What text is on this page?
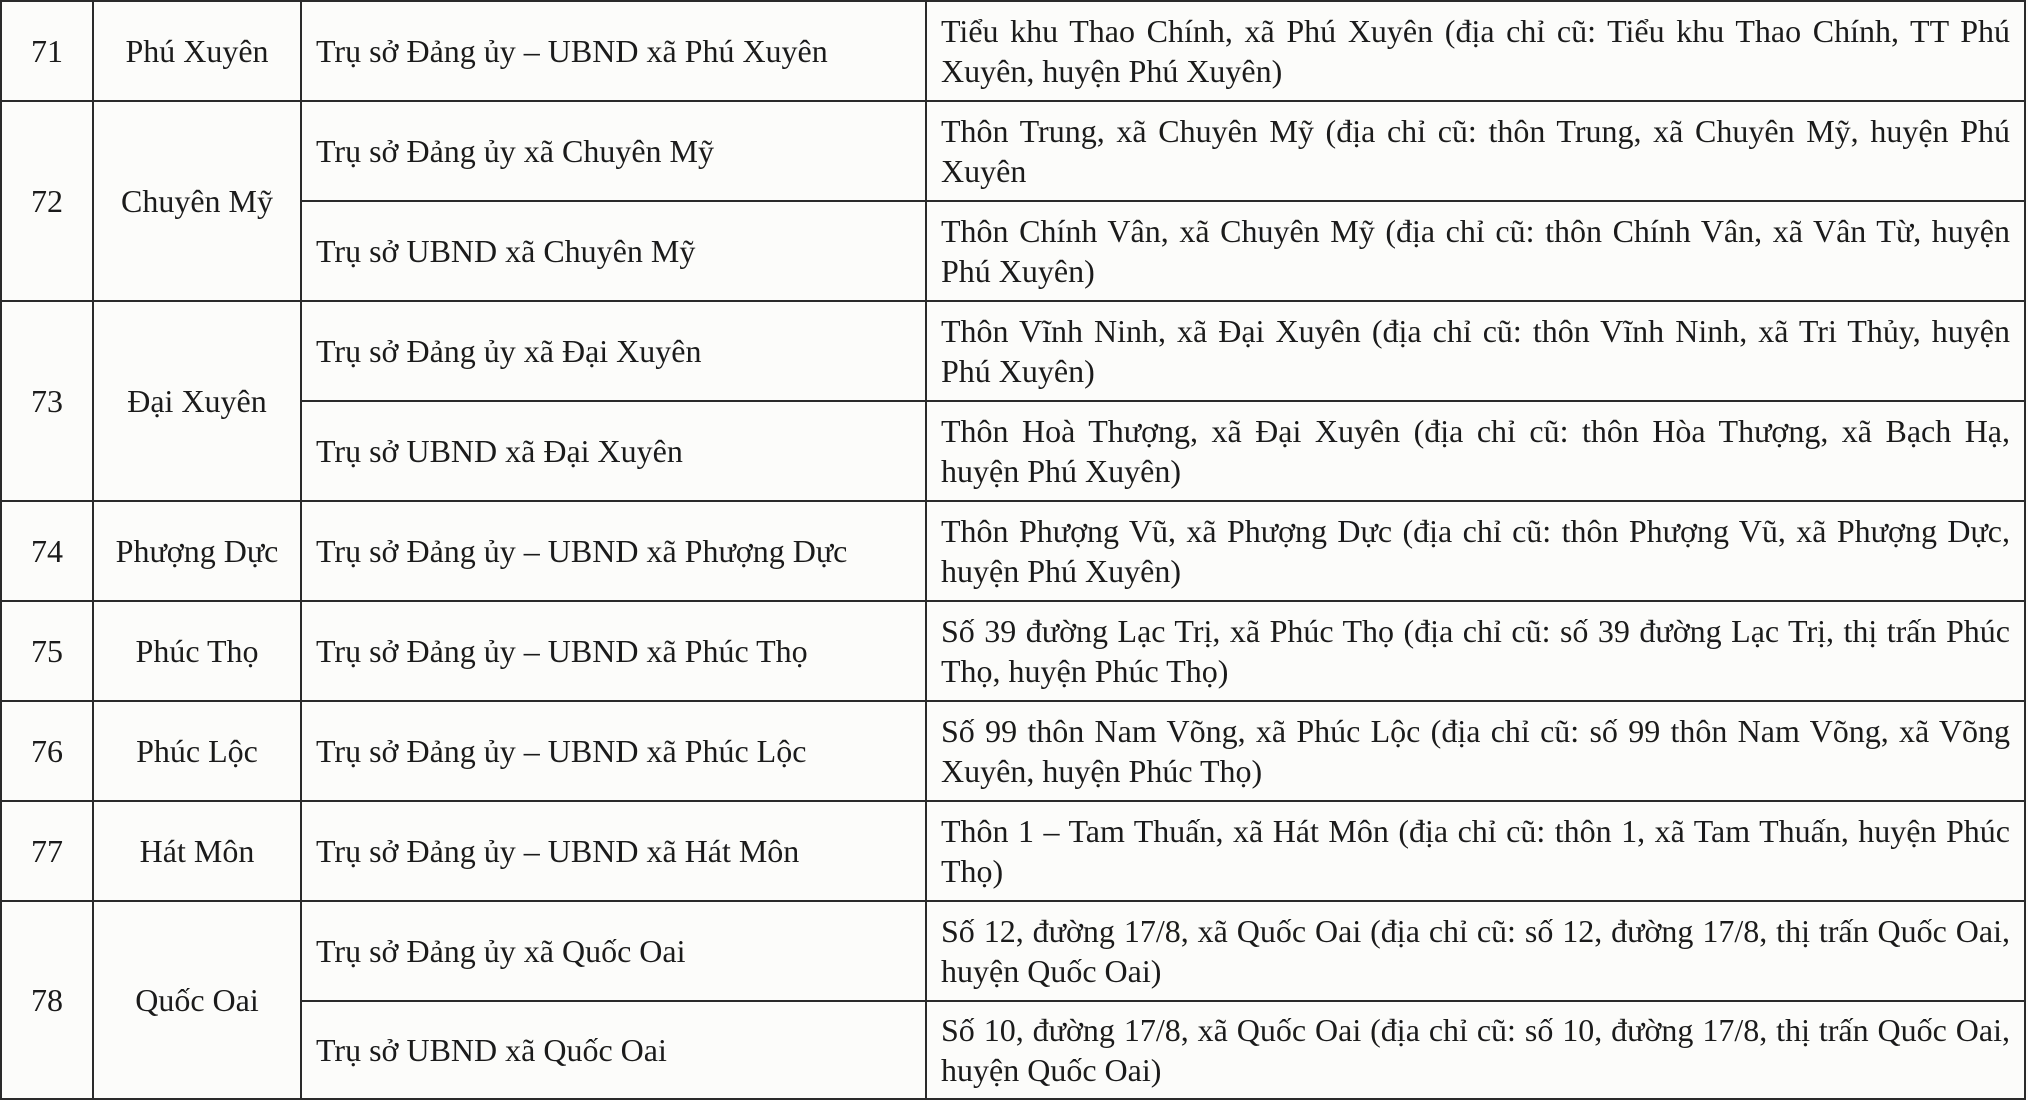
71	Phú Xuyên	Trụ sở Đảng ủy – UBND xã Phú Xuyên	Tiểu khu Thao Chính, xã Phú Xuyên (địa chỉ cũ: Tiểu khu Thao Chính, TT Phú Xuyên, huyện Phú Xuyên)
72	Chuyên Mỹ	Trụ sở Đảng ủy xã Chuyên Mỹ	Thôn Trung, xã Chuyên Mỹ (địa chỉ cũ: thôn Trung, xã Chuyên Mỹ, huyện Phú Xuyên
		Trụ sở UBND xã Chuyên Mỹ	Thôn Chính Vân, xã Chuyên Mỹ (địa chỉ cũ: thôn Chính Vân, xã Vân Từ, huyện Phú Xuyên)
73	Đại Xuyên	Trụ sở Đảng ủy xã Đại Xuyên	Thôn Vĩnh Ninh, xã Đại Xuyên (địa chỉ cũ: thôn Vĩnh Ninh, xã Tri Thủy, huyện Phú Xuyên)
		Trụ sở UBND xã Đại Xuyên	Thôn Hoà Thượng, xã Đại Xuyên (địa chỉ cũ: thôn Hòa Thượng, xã Bạch Hạ, huyện Phú Xuyên)
74	Phượng Dực	Trụ sở Đảng ủy – UBND xã Phượng Dực	Thôn Phượng Vũ, xã Phượng Dực (địa chỉ cũ: thôn Phượng Vũ, xã Phượng Dực, huyện Phú Xuyên)
75	Phúc Thọ	Trụ sở Đảng ủy – UBND xã Phúc Thọ	Số 39 đường Lạc Trị, xã Phúc Thọ (địa chỉ cũ: số 39 đường Lạc Trị, thị trấn Phúc Thọ, huyện Phúc Thọ)
76	Phúc Lộc	Trụ sở Đảng ủy – UBND xã Phúc Lộc	Số 99 thôn Nam Võng, xã Phúc Lộc (địa chỉ cũ: số 99 thôn Nam Võng, xã Võng Xuyên, huyện Phúc Thọ)
77	Hát Môn	Trụ sở Đảng ủy – UBND xã Hát Môn	Thôn 1 – Tam Thuấn, xã Hát Môn (địa chỉ cũ: thôn 1, xã Tam Thuấn, huyện Phúc Thọ)
78	Quốc Oai	Trụ sở Đảng ủy xã Quốc Oai	Số 12, đường 17/8, xã Quốc Oai (địa chỉ cũ: số 12, đường 17/8, thị trấn Quốc Oai, huyện Quốc Oai)
		Trụ sở UBND xã Quốc Oai	Số 10, đường 17/8, xã Quốc Oai (địa chỉ cũ: số 10, đường 17/8, thị trấn Quốc Oai, huyện Quốc Oai)
